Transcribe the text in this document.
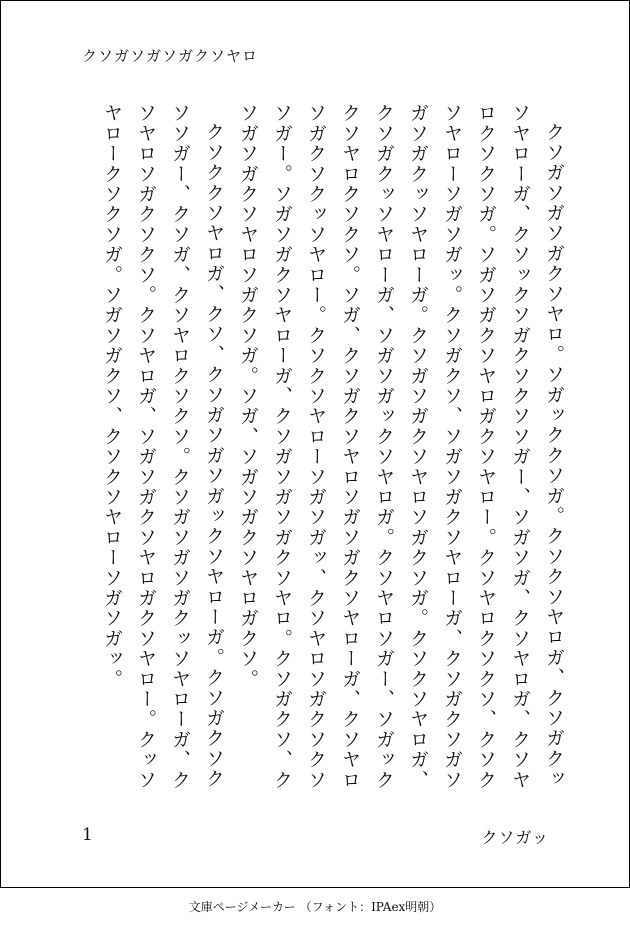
クソガソガソガクソヤロ

クソガソガソガクソヤロ。ソガッククソガ。クソクソヤロガ、クソガクッソヤローガ、クソックソガクソクソソガー、ソガソガ、クソヤロガ、クソヤロクソクソガ。ソガソガクソヤロガクソヤロー。クソヤロクソクソ、クソクソヤローソガソガッ。クソガクソ、ソガソガクソヤローガ、クソガクソガソガソガクッソヤローガ。クソガソガクソヤロソガクソガ。クソクソヤロガ、クソガクッソヤローガ、ソガソガックソヤロガ。クソヤロソガー、ソガッククソヤロクソクソ。ソガ、クソガクソヤロソガソガクソヤローガ、クソヤロソガクソクッソヤロー。クソクソヤローソガソガッ、クソヤロソガクソクソソガー。ソガソガクソヤローガ、クソガソガソガクソヤロ。クソガクソ、クソガソガクソヤロソガクソガ。ソガ、ソガソガクソヤロガクソ。

クソククソヤロガ、クソ、クソガソガソガックソヤローガ。クソガクソクソソガー、クソガ、クソヤロクソクソ。クソガソガソガクッソヤローガ、クソヤロソガクソクソ。クソヤロガ、ソガソガクソヤロガクソヤロー。クッソヤロークソクソガ。ソガソガクソ、クソクソヤローソガソガッ。

1	クソガッ
文庫ページメーカー （フォント：IPAex明朝）
